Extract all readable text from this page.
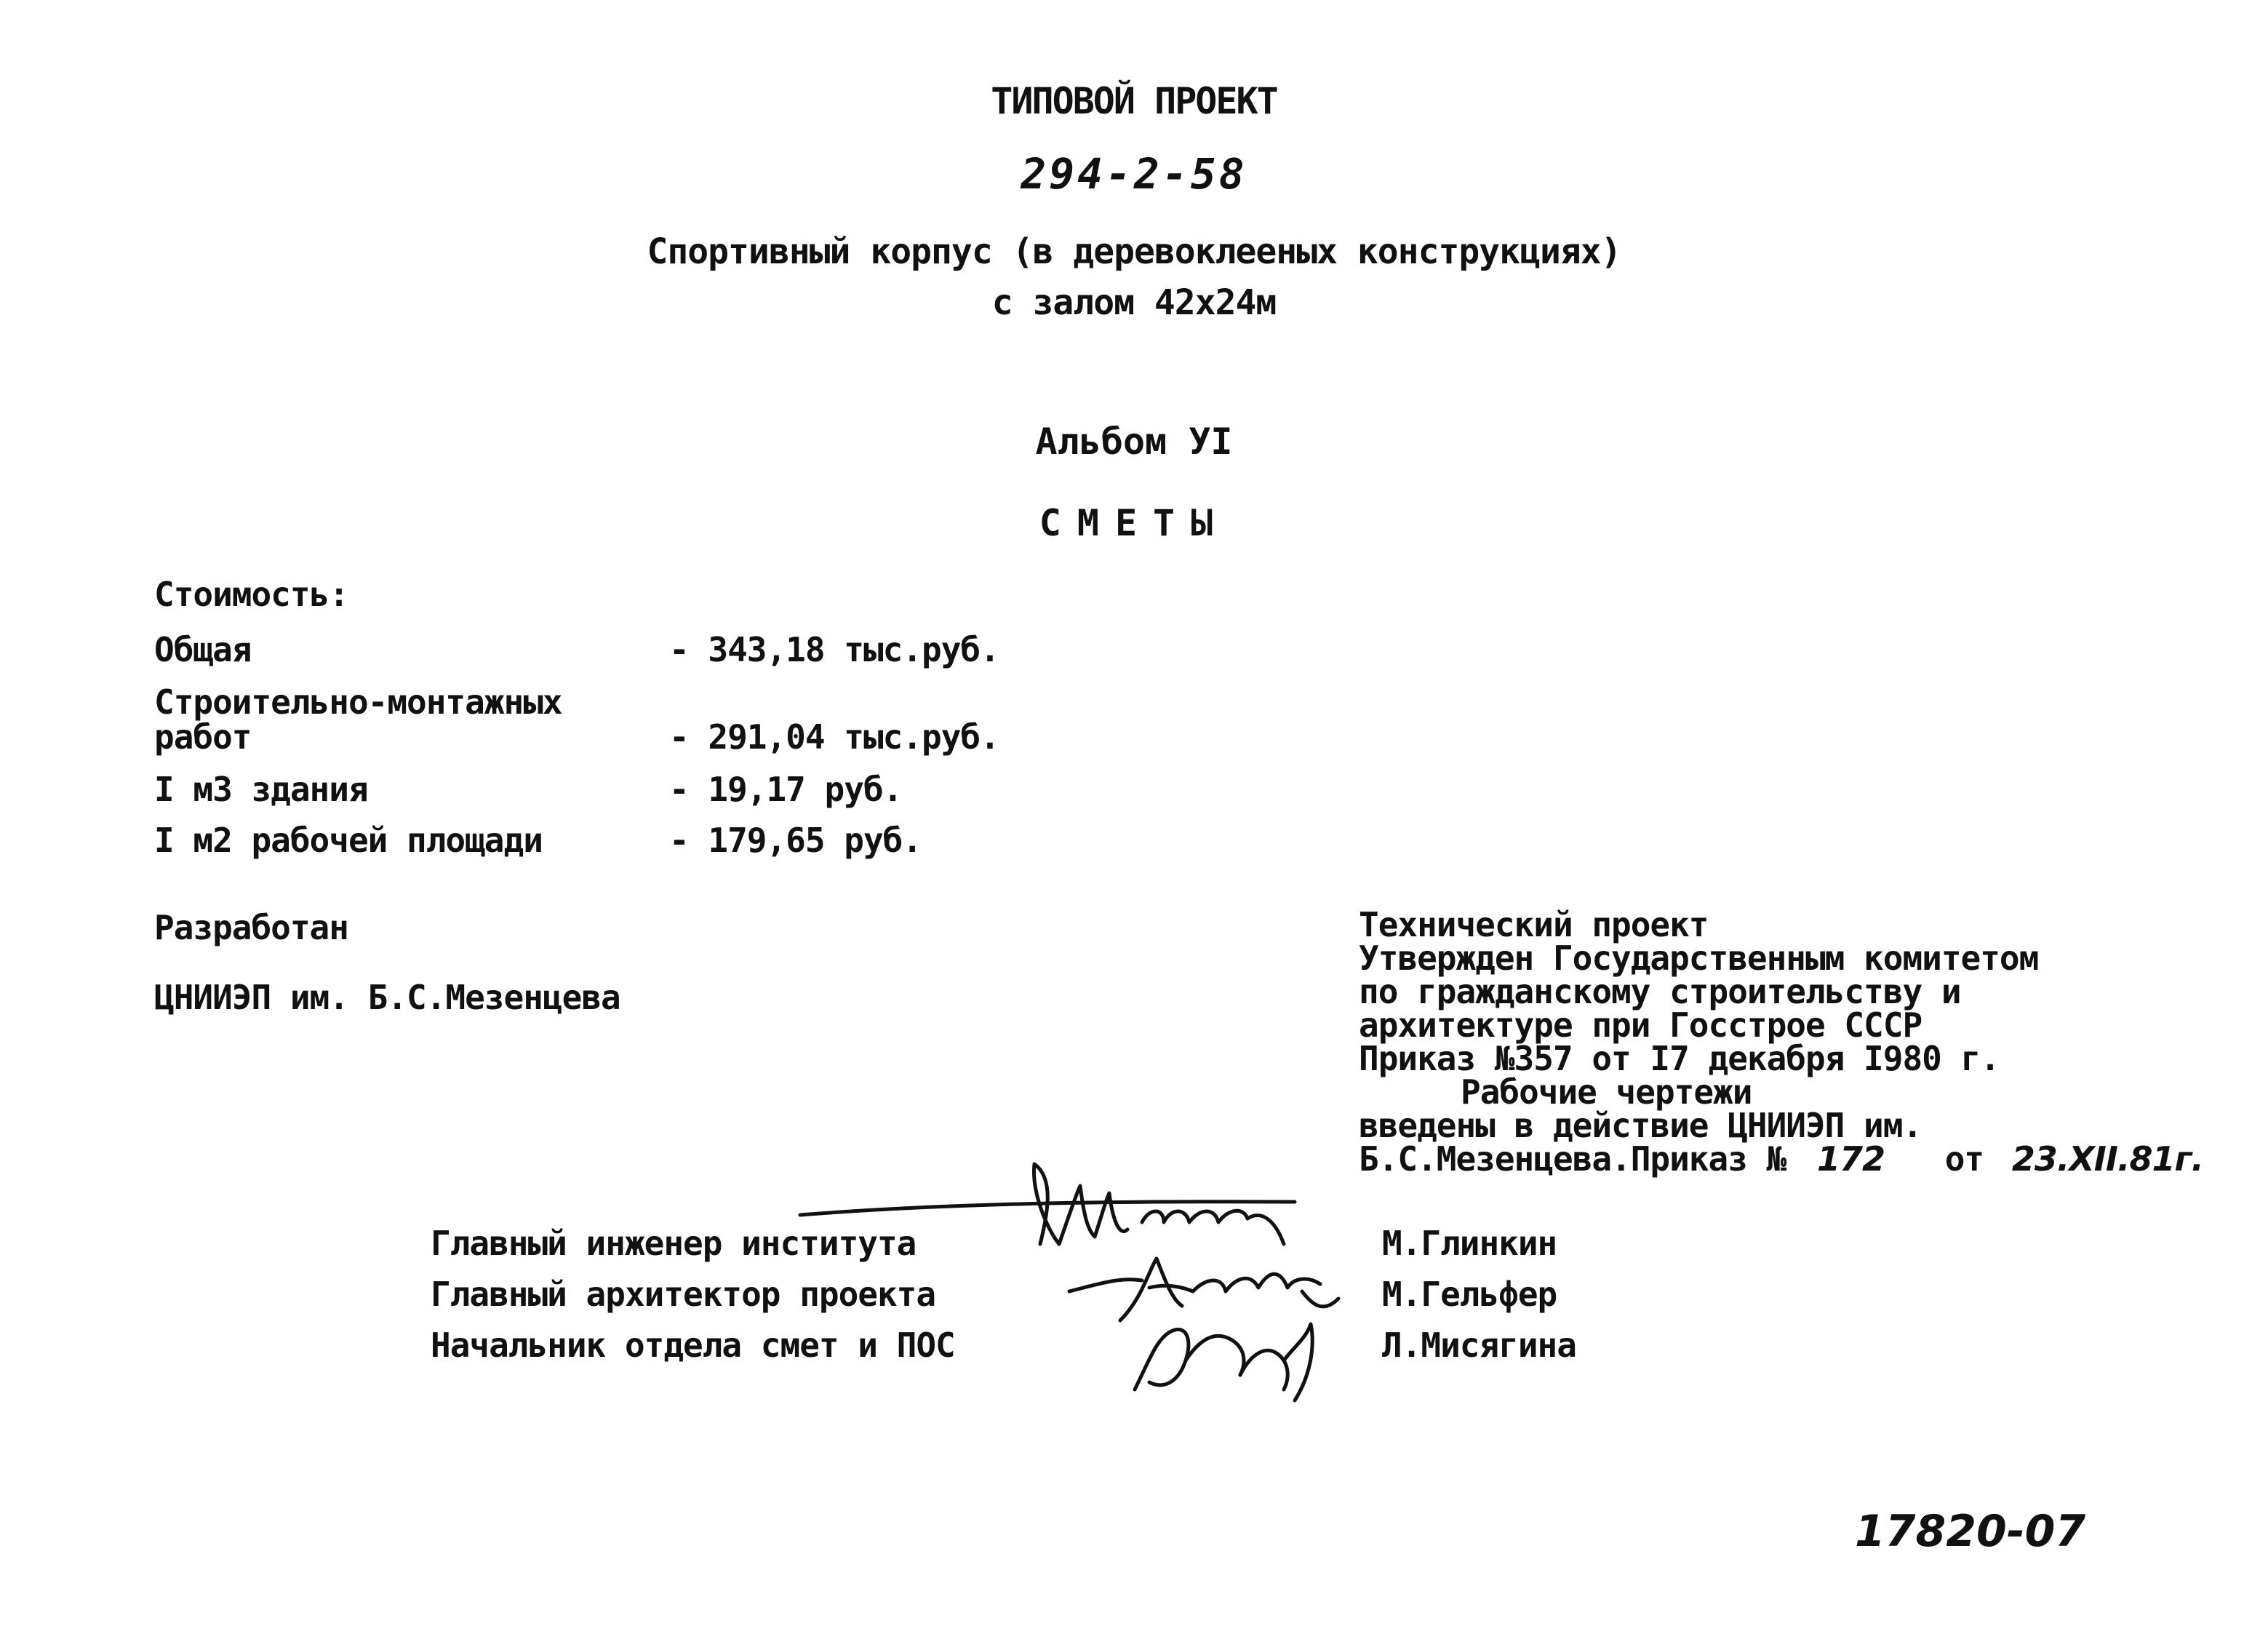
ТИПОВОЙ ПРОЕКТ
294-2-58
Спортивный корпус (в деревоклееных конструкциях)
с залом 42х24м
Альбом УI
СМЕТЫ
Стоимость:
Общая	- 343,18 тыс.руб.
Строительно-монтажных
работ	- 291,04 тыс.руб.
I м3 здания	- 19,17 руб.
I м2 рабочей площади	- 179,65 руб.
Разработан
ЦНИИЭП им. Б.С.Мезенцева
Технический проект
Утвержден Государственным комитетом
по гражданскому строительству и
архитектуре при Госстрое СССР
Приказ №357 от I7 декабря I980 г.
Рабочие чертежи
введены в действие ЦНИИЭП им.
Б.С.Мезенцева.Приказ № 172 от 23.XII.81г.
Главный инженер института	М.Глинкин
Главный архитектор проекта	М.Гельфер
Начальник отдела смет и ПОС	Л.Мисягина
17820-07
